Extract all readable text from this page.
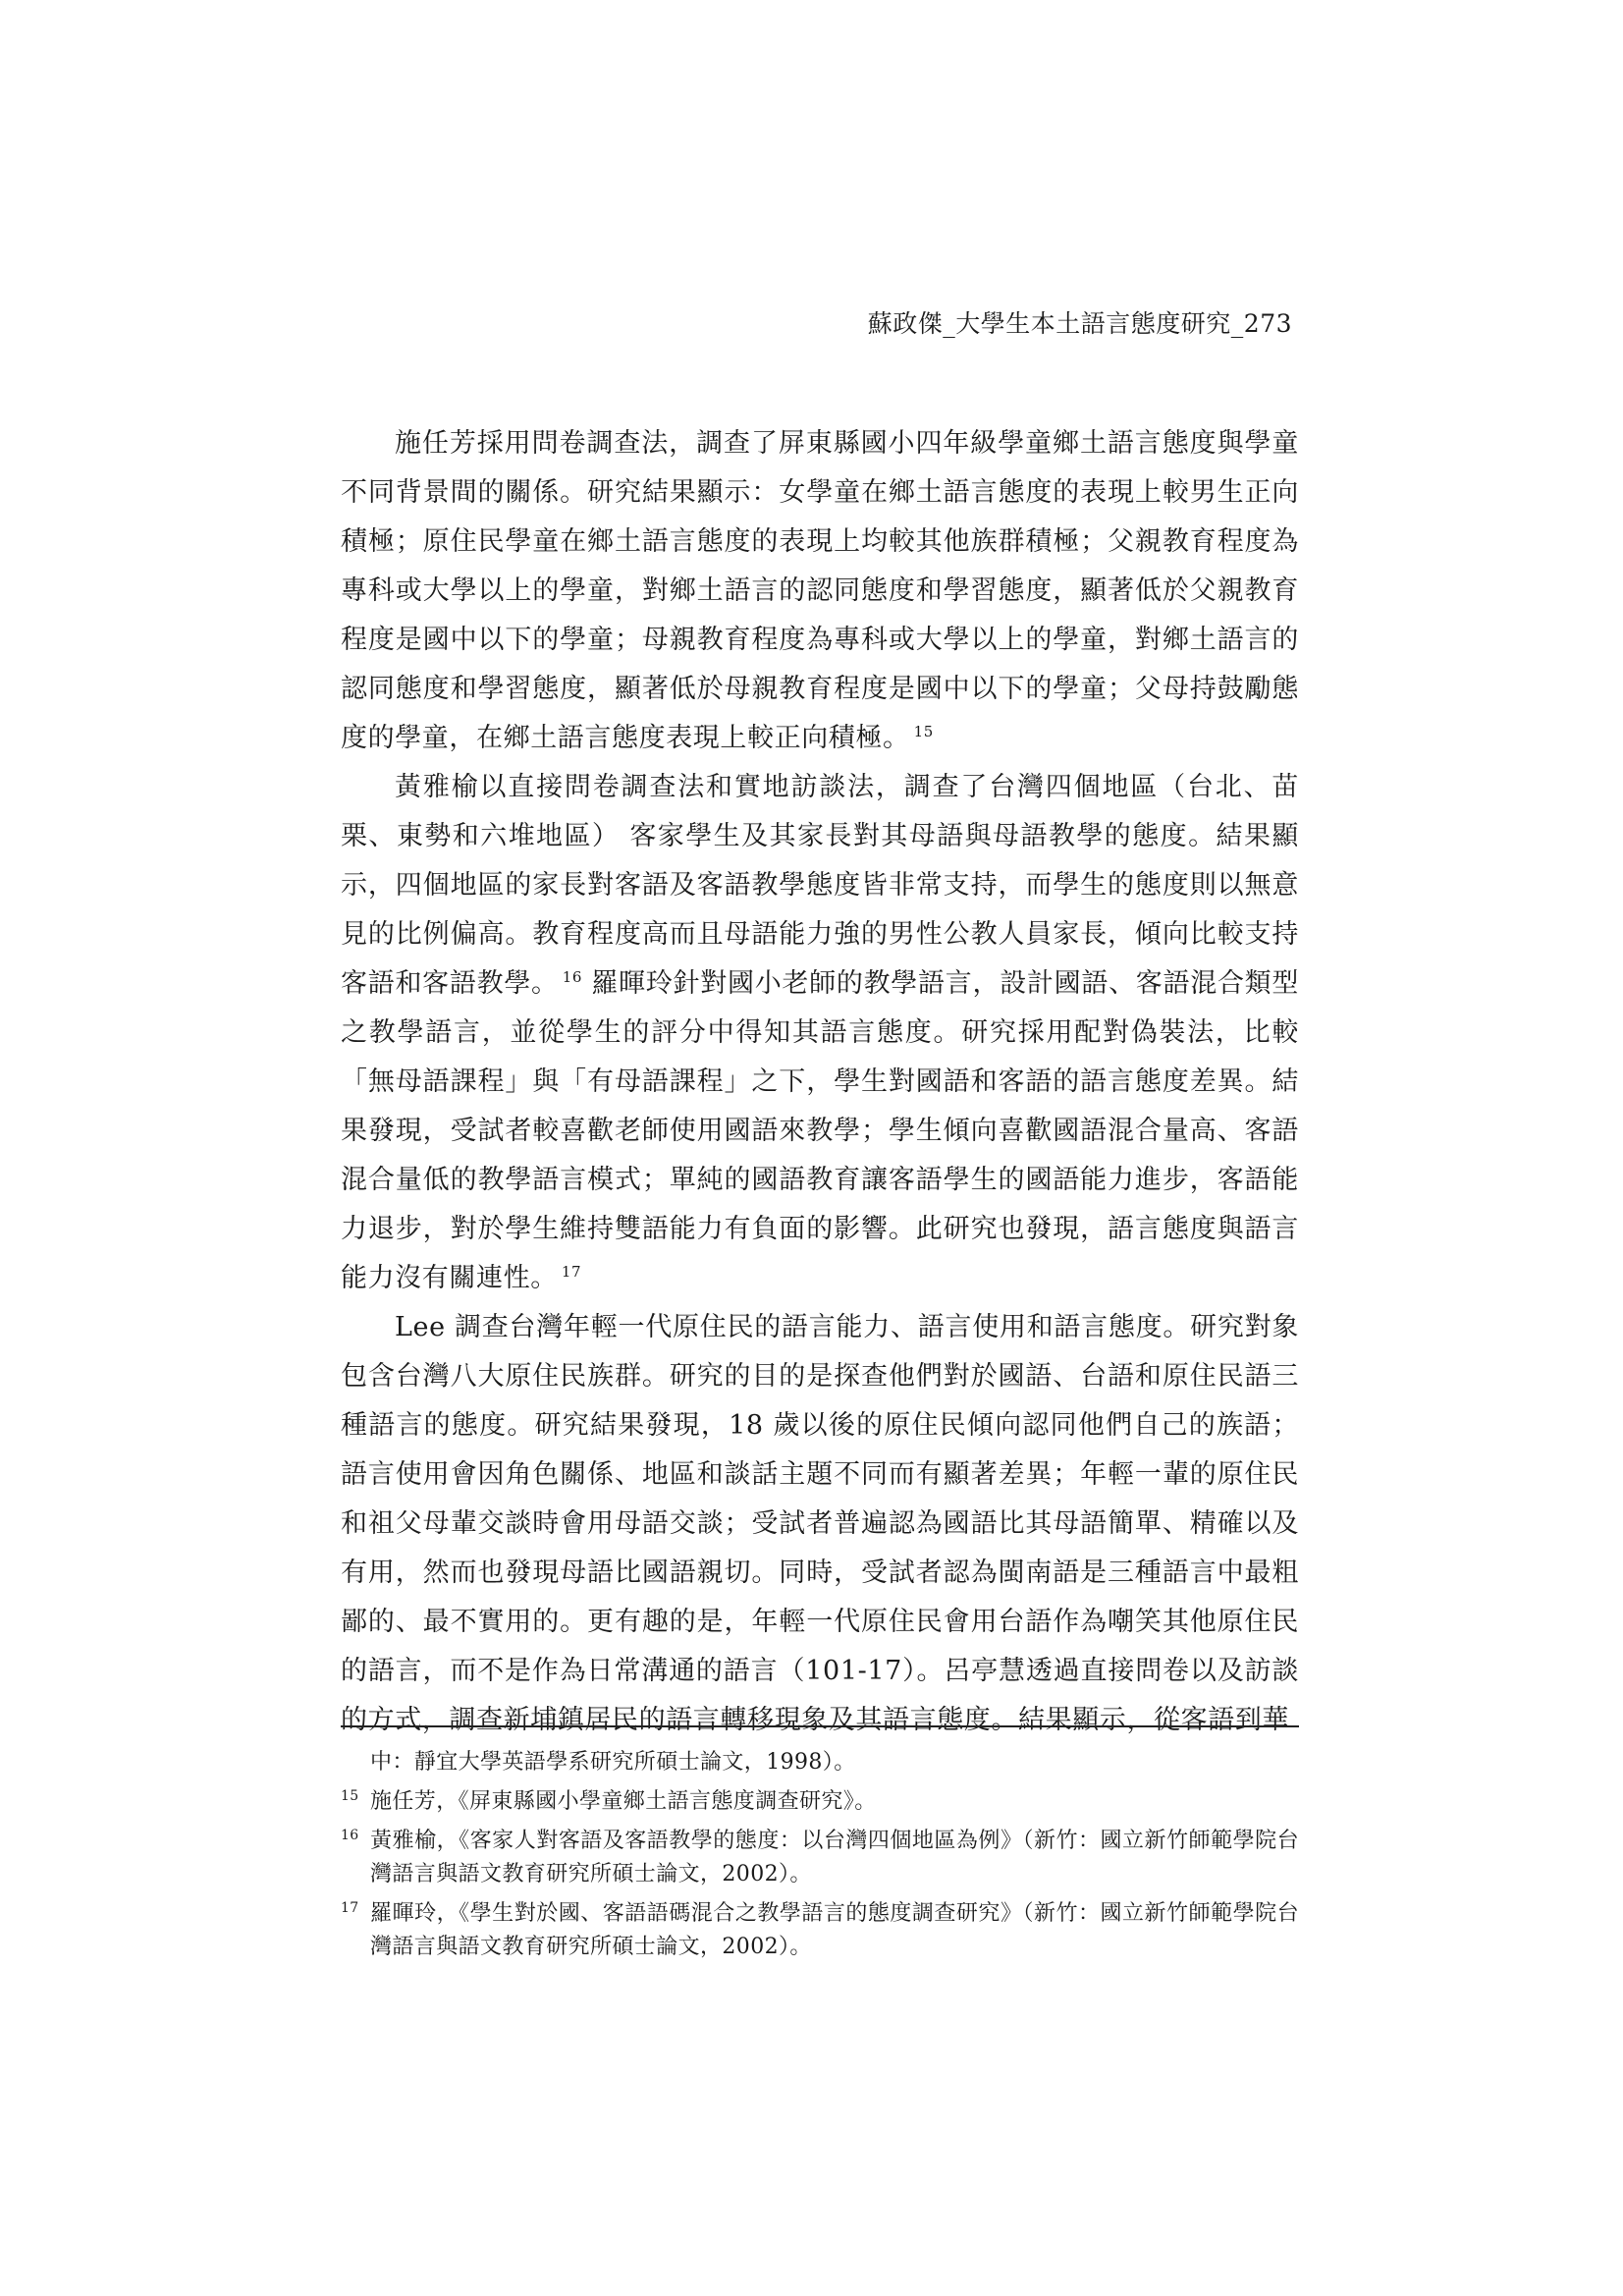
蘇政傑_大學生本土語言態度研究_273

施任芳採用問卷調查法，調查了屏東縣國小四年級學童鄉土語言態度與學童不同背景間的關係。研究結果顯示：女學童在鄉土語言態度的表現上較男生正向積極；原住民學童在鄉土語言態度的表現上均較其他族群積極；父親教育程度為專科或大學以上的學童，對鄉土語言的認同態度和學習態度，顯著低於父親教育程度是國中以下的學童；母親教育程度為專科或大學以上的學童，對鄉土語言的認同態度和學習態度，顯著低於母親教育程度是國中以下的學童；父母持鼓勵態度的學童，在鄉土語言態度表現上較正向積極。 $^{15}$

黃雅榆以直接問卷調查法和實地訪談法，調查了台灣四個地區（台北、苗栗、東勢和六堆地區） 客家學生及其家長對其母語與母語教學的態度。結果顯示，四個地區的家長對客語及客語教學態度皆非常支持，而學生的態度則以無意見的比例偏高。教育程度高而且母語能力強的男性公教人員家長，傾向比較支持客語和客語教學。 $^{16}$ 羅暉玲針對國小老師的教學語言，設計國語、客語混合類型之教學語言，並從學生的評分中得知其語言態度。研究採用配對偽裝法，比較「無母語課程」與「有母語課程」之下，學生對國語和客語的語言態度差異。結果發現，受試者較喜歡老師使用國語來教學；學生傾向喜歡國語混合量高、客語混合量低的教學語言模式；單純的國語教育讓客語學生的國語能力進步，客語能力退步，對於學生維持雙語能力有負面的影響。此研究也發現，語言態度與語言能力沒有關連性。 $^{17}$

Lee 調查台灣年輕一代原住民的語言能力、語言使用和語言態度。研究對象包含台灣八大原住民族群。研究的目的是探查他們對於國語、台語和原住民語三種語言的態度。研究結果發現，18 歲以後的原住民傾向認同他們自己的族語；語言使用會因角色關係、地區和談話主題不同而有顯著差異；年輕一輩的原住民和祖父母輩交談時會用母語交談；受試者普遍認為國語比其母語簡單、精確以及有用，然而也發現母語比國語親切。同時，受試者認為閩南語是三種語言中最粗鄙的、最不實用的。更有趣的是，年輕一代原住民會用台語作為嘲笑其他原住民的語言，而不是作為日常溝通的語言（101-17）。呂亭慧透過直接問卷以及訪談的方式，調查新埔鎮居民的語言轉移現象及其語言態度。結果顯示，從客語到華

中：靜宜大學英語學系研究所碩士論文，1998）。

15 施任芳，《屏東縣國小學童鄉土語言態度調查研究》。

16 黃雅榆，《客家人對客語及客語教學的態度：以台灣四個地區為例》（新竹：國立新竹師範學院台灣語言與語文教育研究所碩士論文，2002）。

17 羅暉玲，《學生對於國、客語語碼混合之教學語言的態度調查研究》（新竹：國立新竹師範學院台灣語言與語文教育研究所碩士論文，2002）。
